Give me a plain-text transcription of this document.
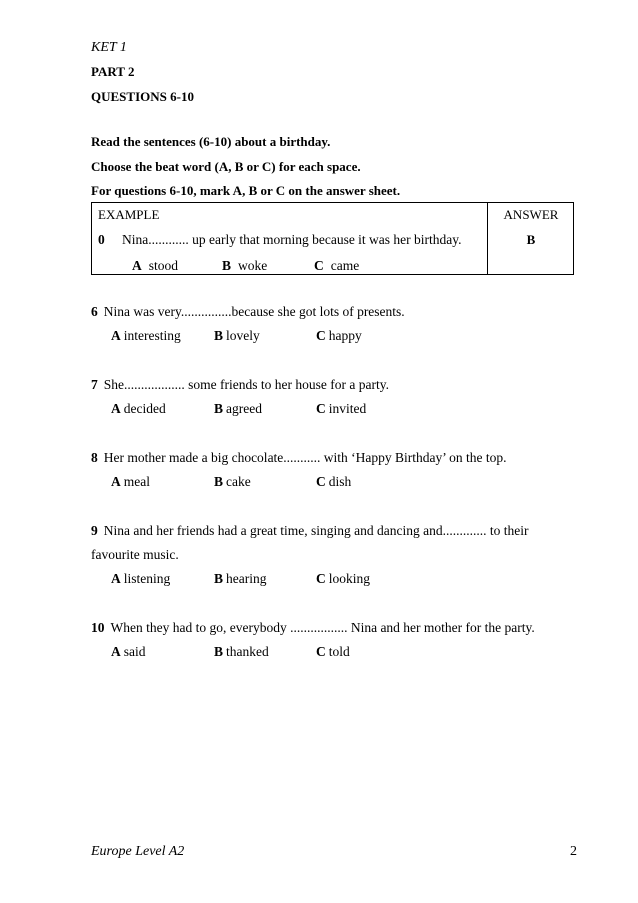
KET 1
PART 2
QUESTIONS 6-10
Read the sentences (6-10) about a birthday.
Choose the beat word (A, B or C) for each space.
For questions 6-10, mark A, B or C on the answer sheet.
EXAMPLE	ANSWER
0 Nina............ up early that morning because it was her birthday.	B
A stood	B woke	C came
6 Nina was very...............because she got lots of presents.
A interesting B lovely	C happy
7 She.................. some friends to her house for a party.
A decided	B agreed	C invited
8 Her mother made a big chocolate........... with ‘Happy Birthday’ on the top.
A meal	B cake	C dish
9 Nina and her friends had a great time, singing and dancing and............. to their
favourite music.
A listening	B hearing	C looking
10 When they had to go, everybody ................. Nina and her mother for the party.
A said	B thanked	C told
Europe Level A2	2
